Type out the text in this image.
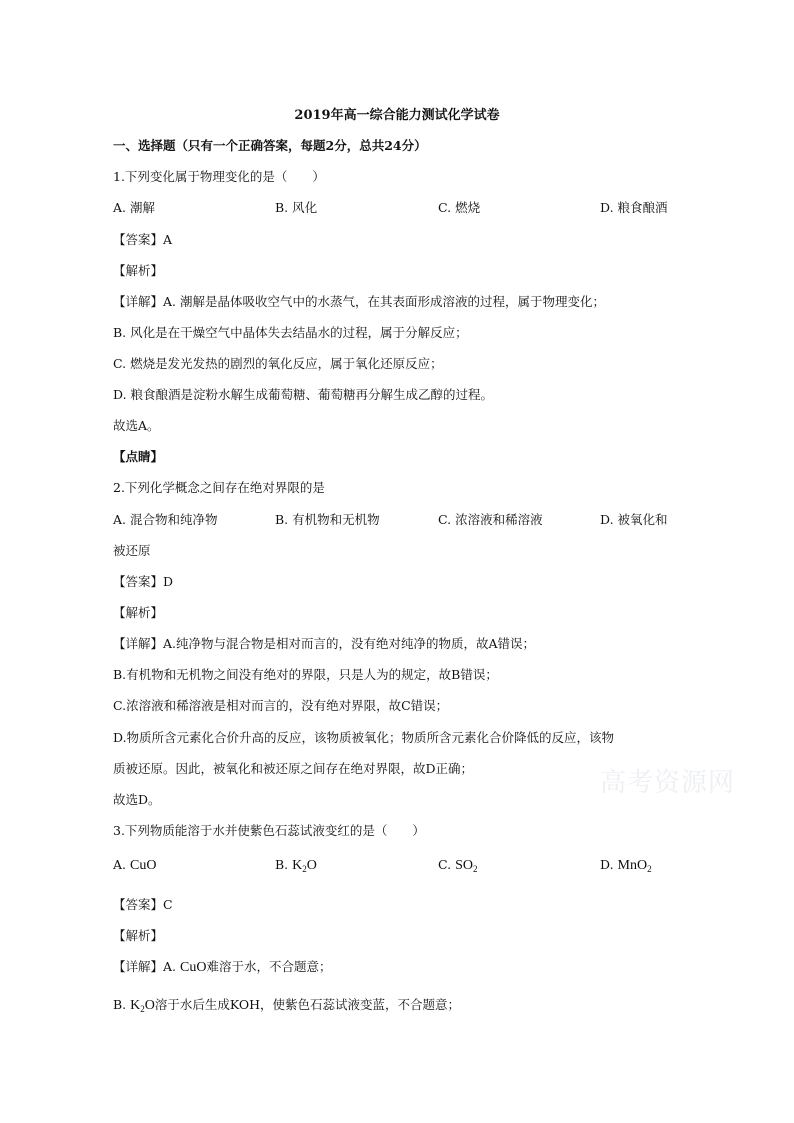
2019年高一综合能力测试化学试卷
一、选择题（只有一个正确答案，每题2分，总共24分）
1.下列变化属于物理变化的是（　　）
A. 潮解	B. 风化	C. 燃烧	D. 粮食酿酒
【答案】A
【解析】
【详解】A. 潮解是晶体吸收空气中的水蒸气，在其表面形成溶液的过程，属于物理变化；
B. 风化是在干燥空气中晶体失去结晶水的过程，属于分解反应；
C. 燃烧是发光发热的剧烈的氧化反应，属于氧化还原反应；
D. 粮食酿酒是淀粉水解生成葡萄糖、葡萄糖再分解生成乙醇的过程。
故选A。
【点睛】
2.下列化学概念之间存在绝对界限的是
A. 混合物和纯净物	B. 有机物和无机物	C. 浓溶液和稀溶液	D. 被氧化和
被还原
【答案】D
【解析】
【详解】A.纯净物与混合物是相对而言的，没有绝对纯净的物质，故A错误；
B.有机物和无机物之间没有绝对的界限，只是人为的规定，故B错误；
C.浓溶液和稀溶液是相对而言的，没有绝对界限，故C错误；
D.物质所含元素化合价升高的反应，该物质被氧化；物质所含元素化合价降低的反应，该物
质被还原。因此，被氧化和被还原之间存在绝对界限，故D正确；
故选D。
高考资源网
3.下列物质能溶于水并使紫色石蕊试液变红的是（　　）
A. CuO	B. $K_2O$	C. $SO_2$	D. MnO$_2$
【答案】C
【解析】
【详解】A. CuO难溶于水，不合题意；
B. $K_2O$溶于水后生成KOH，使紫色石蕊试液变蓝，不合题意；
